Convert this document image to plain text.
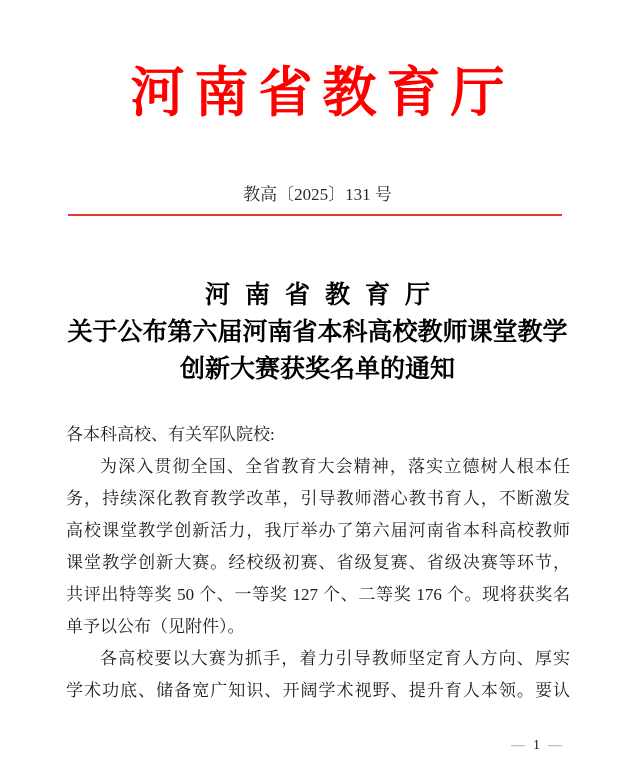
河南省教育厅
教高〔2025〕131 号
河南省教育厅
关于公布第六届河南省本科高校教师课堂教学
创新大赛获奖名单的通知
各本科高校、有关军队院校:
为深入贯彻全国、全省教育大会精神，落实立德树人根本任
务，持续深化教育教学改革，引导教师潜心教书育人，不断激发
高校课堂教学创新活力，我厅举办了第六届河南省本科高校教师
课堂教学创新大赛。经校级初赛、省级复赛、省级决赛等环节，
共评出特等奖 50 个、一等奖 127 个、二等奖 176 个。现将获奖名
单予以公布（见附件）。
各高校要以大赛为抓手，着力引导教师坚定育人方向、厚实
学术功底、储备宽广知识、开阔学术视野、提升育人本领。要认
— 1 —
